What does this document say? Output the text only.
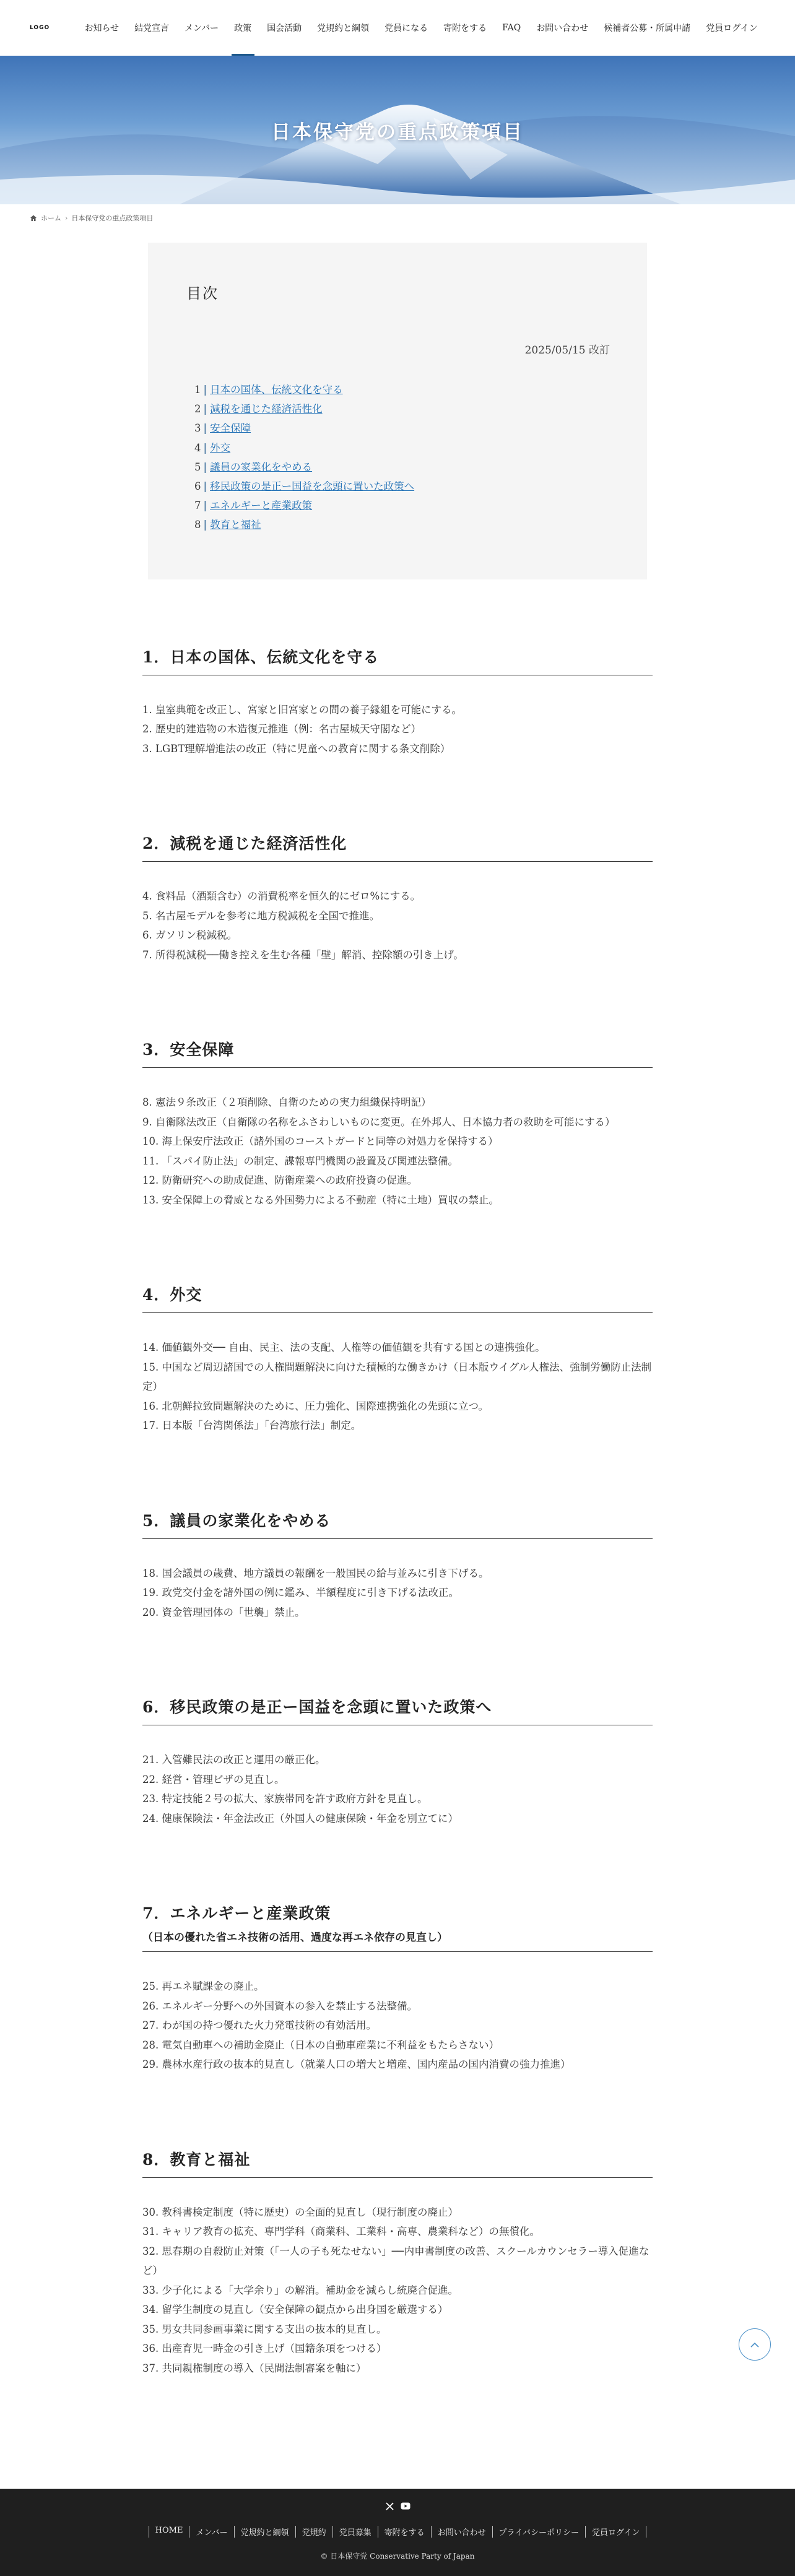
LOGO	お知らせ	結党宣言	メンバー	政策	国会活動	党規約と綱領	党員になる	寄附をする	FAQ	お問い合わせ	候補者公募・所属申請	党員ログイン
日本保守党の重点政策項目
ホーム › 日本保守党の重点政策項目
目次
2025/05/15 改訂
1 | 日本の国体、伝統文化を守る
2 | 減税を通じた経済活性化
3 | 安全保障
4 | 外交
5 | 議員の家業化をやめる
6 | 移民政策の是正ー国益を念頭に置いた政策へ
7 | エネルギーと産業政策
8 | 教育と福祉
1．日本の国体、伝統文化を守る
1. 皇室典範を改正し、宮家と旧宮家との間の養子縁組を可能にする。
2. 歴史的建造物の木造復元推進（例：名古屋城天守閣など）
3. LGBT理解増進法の改正（特に児童への教育に関する条文削除）
2．減税を通じた経済活性化
4. 食料品（酒類含む）の消費税率を恒久的にゼロ%にする。
5. 名古屋モデルを参考に地方税減税を全国で推進。
6. ガソリン税減税。
7. 所得税減税──働き控えを生む各種「壁」解消、控除額の引き上げ。
3．安全保障
8. 憲法９条改正（２項削除、自衛のための実力組織保持明記）
9. 自衛隊法改正（自衛隊の名称をふさわしいものに変更。在外邦人、日本協力者の救助を可能にする）
10. 海上保安庁法改正（諸外国のコーストガードと同等の対処力を保持する）
11. 「スパイ防止法」の制定、諜報専門機関の設置及び関連法整備。
12. 防衛研究への助成促進、防衛産業への政府投資の促進。
13. 安全保障上の脅威となる外国勢力による不動産（特に土地）買収の禁止。
4．外交
14. 価値観外交── 自由、民主、法の支配、人権等の価値観を共有する国との連携強化。
15. 中国など周辺諸国での人権問題解決に向けた積極的な働きかけ（日本版ウイグル人権法、強制労働防止法制定）
16. 北朝鮮拉致問題解決のために、圧力強化、国際連携強化の先頭に立つ。
17. 日本版「台湾関係法」「台湾旅行法」制定。
5．議員の家業化をやめる
18. 国会議員の歳費、地方議員の報酬を一般国民の給与並みに引き下げる。
19. 政党交付金を諸外国の例に鑑み、半額程度に引き下げる法改正。
20. 資金管理団体の「世襲」禁止。
6．移民政策の是正ー国益を念頭に置いた政策へ
21. 入管難民法の改正と運用の厳正化。
22. 経営・管理ビザの見直し。
23. 特定技能２号の拡大、家族帯同を許す政府方針を見直し。
24. 健康保険法・年金法改正（外国人の健康保険・年金を別立てに）
7．エネルギーと産業政策
（日本の優れた省エネ技術の活用、過度な再エネ依存の見直し）
25. 再エネ賦課金の廃止。
26. エネルギー分野への外国資本の参入を禁止する法整備。
27. わが国の持つ優れた火力発電技術の有効活用。
28. 電気自動車への補助金廃止（日本の自動車産業に不利益をもたらさない）
29. 農林水産行政の抜本的見直し（就業人口の増大と増産、国内産品の国内消費の強力推進）
8．教育と福祉
30. 教科書検定制度（特に歴史）の全面的見直し（現行制度の廃止）
31. キャリア教育の拡充、専門学科（商業科、工業科・高専、農業科など）の無償化。
32. 思春期の自殺防止対策（「一人の子も死なせない」──内申書制度の改善、スクールカウンセラー導入促進など）
33. 少子化による「大学余り」の解消。補助金を減らし統廃合促進。
34. 留学生制度の見直し（安全保障の観点から出身国を厳選する）
35. 男女共同参画事業に関する支出の抜本的見直し。
36. 出産育児一時金の引き上げ（国籍条項をつける）
37. 共同親権制度の導入（民間法制審案を軸に）
HOME	メンバー	党規約と綱領	党規約	党員募集	寄附をする	お問い合わせ	プライバシーポリシー	党員ログイン
© 日本保守党 Conservative Party of Japan
